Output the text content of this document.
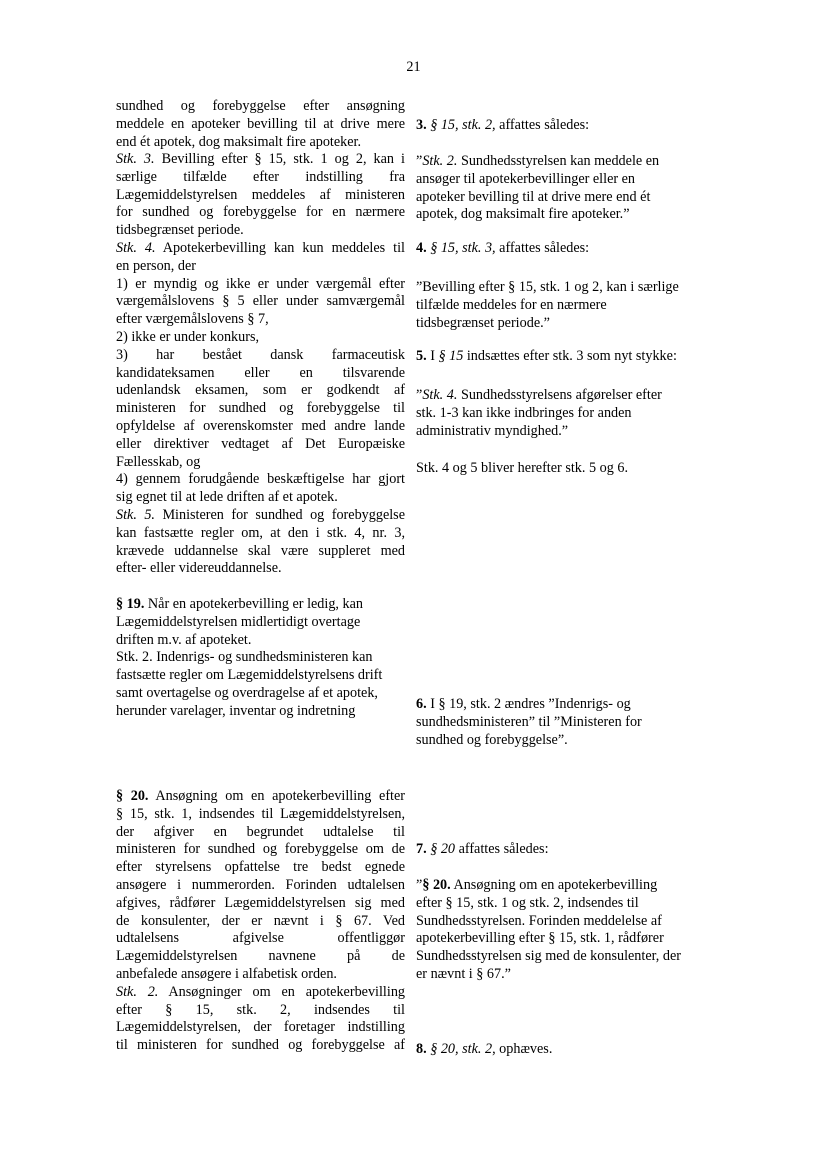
21
sundhed og forebyggelse efter ansøgning
meddele en apoteker bevilling til at drive mere
end ét apotek, dog maksimalt fire apoteker.
Stk. 3. Bevilling efter § 15, stk. 1 og 2, kan i
særlige tilfælde efter indstilling fra
Lægemiddelstyrelsen meddeles af ministeren
for sundhed og forebyggelse for en nærmere
tidsbegrænset periode.
Stk. 4. Apotekerbevilling kan kun meddeles til
en person, der
1) er myndig og ikke er under værgemål efter
værgemålslovens § 5 eller under samværgemål
efter værgemålslovens § 7,
2) ikke er under konkurs,
3) har bestået dansk farmaceutisk
kandidateksamen eller en tilsvarende
udenlandsk eksamen, som er godkendt af
ministeren for sundhed og forebyggelse til
opfyldelse af overenskomster med andre lande
eller direktiver vedtaget af Det Europæiske
Fællesskab, og
4) gennem forudgående beskæftigelse har gjort
sig egnet til at lede driften af et apotek.
Stk. 5. Ministeren for sundhed og forebyggelse
kan fastsætte regler om, at den i stk. 4, nr. 3,
krævede uddannelse skal være suppleret med
efter- eller videreuddannelse.
§ 19. Når en apotekerbevilling er ledig, kan
Lægemiddelstyrelsen midlertidigt overtage
driften m.v. af apoteket.
Stk. 2. Indenrigs- og sundhedsministeren kan
fastsætte regler om Lægemiddelstyrelsens drift
samt overtagelse og overdragelse af et apotek,
herunder varelager, inventar og indretning
§ 20. Ansøgning om en apotekerbevilling efter
§ 15, stk. 1, indsendes til Lægemiddelstyrelsen,
der afgiver en begrundet udtalelse til
ministeren for sundhed og forebyggelse om de
efter styrelsens opfattelse tre bedst egnede
ansøgere i nummerorden. Forinden udtalelsen
afgives, rådfører Lægemiddelstyrelsen sig med
de konsulenter, der er nævnt i § 67. Ved
udtalelsens afgivelse offentliggør
Lægemiddelstyrelsen navnene på de
anbefalede ansøgere i alfabetisk orden.
Stk. 2. Ansøgninger om en apotekerbevilling
efter § 15, stk. 2, indsendes til
Lægemiddelstyrelsen, der foretager indstilling
til ministeren for sundhed og forebyggelse af
3. § 15, stk. 2, affattes således:
”Stk. 2. Sundhedsstyrelsen kan meddele en
ansøger til apotekerbevillinger eller en
apoteker bevilling til at drive mere end ét
apotek, dog maksimalt fire apoteker.”
4. § 15, stk. 3, affattes således:
”Bevilling efter § 15, stk. 1 og 2, kan i særlige
tilfælde meddeles for en nærmere
tidsbegrænset periode.”
5. I § 15 indsættes efter stk. 3 som nyt stykke:
”Stk. 4. Sundhedsstyrelsens afgørelser efter
stk. 1-3 kan ikke indbringes for anden
administrativ myndighed.”
Stk. 4 og 5 bliver herefter stk. 5 og 6.
6. I § 19, stk. 2 ændres ”Indenrigs- og
sundhedsministeren” til ”Ministeren for
sundhed og forebyggelse”.
7. § 20 affattes således:
”§ 20. Ansøgning om en apotekerbevilling
efter § 15, stk. 1 og stk. 2, indsendes til
Sundhedsstyrelsen. Forinden meddelelse af
apotekerbevilling efter § 15, stk. 1, rådfører
Sundhedsstyrelsen sig med de konsulenter, der
er nævnt i § 67.”
8. § 20, stk. 2, ophæves.
